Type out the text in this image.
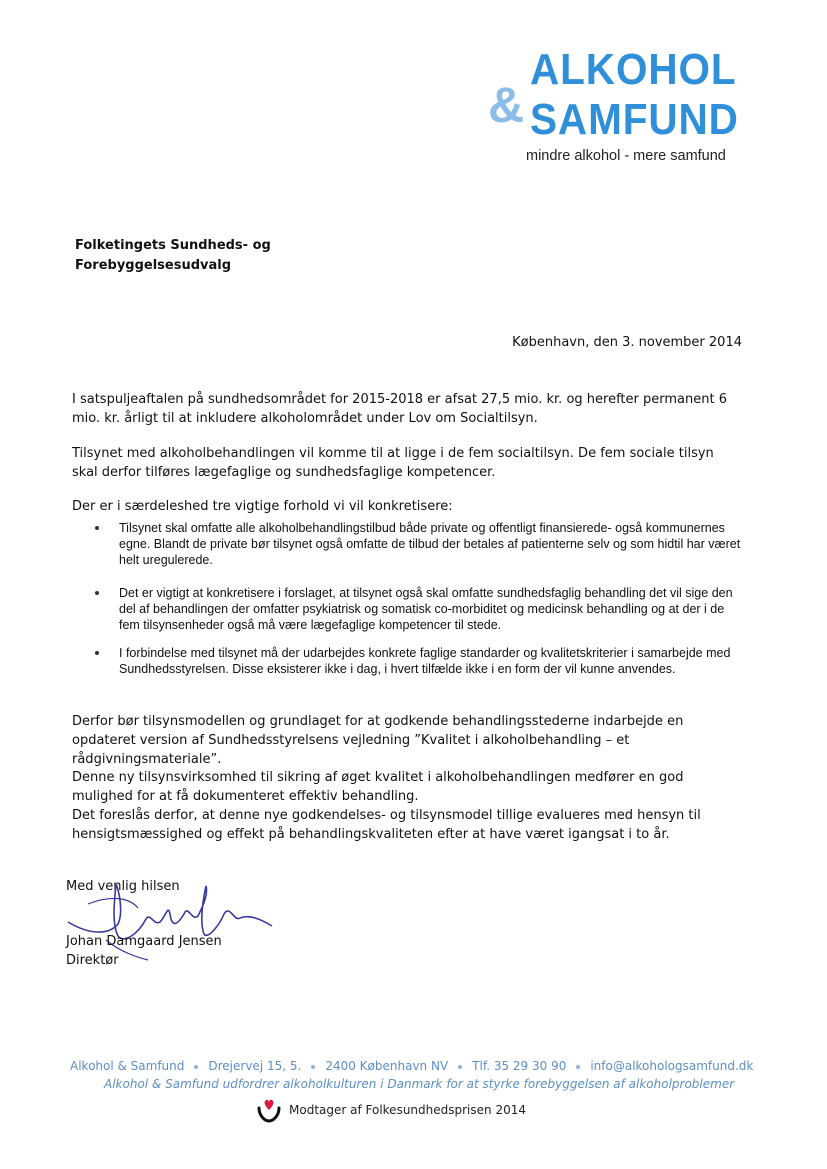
ALKOHOL
& SAMFUND
mindre alkohol - mere samfund
Folketingets Sundheds- og
Forebyggelsesudvalg
København, den 3. november 2014
I satspuljeaftalen på sundhedsområdet for 2015-2018 er afsat 27,5 mio. kr. og herefter permanent 6 mio. kr. årligt til at inkludere alkoholområdet under Lov om Socialtilsyn.
Tilsynet med alkoholbehandlingen vil komme til at ligge i de fem socialtilsyn. De fem sociale tilsyn skal derfor tilføres lægefaglige og sundhedsfaglige kompetencer.
Der er i særdeleshed tre vigtige forhold vi vil konkretisere:
Tilsynet skal omfatte alle alkoholbehandlingstilbud både private og offentligt finansierede- også kommunernes egne. Blandt de private bør tilsynet også omfatte de tilbud der betales af patienterne selv og som hidtil har været helt uregulerede.
Det er vigtigt at konkretisere i forslaget, at tilsynet også skal omfatte sundhedsfaglig behandling det vil sige den del af behandlingen der omfatter psykiatrisk og somatisk co-morbiditet og medicinsk behandling og at der i de fem tilsynsenheder også må være lægefaglige kompetencer til stede.
I forbindelse med tilsynet må der udarbejdes konkrete faglige standarder og kvalitetskriterier i samarbejde med Sundhedsstyrelsen. Disse eksisterer ikke i dag, i hvert tilfælde ikke i en form der vil kunne anvendes.
Derfor bør tilsynsmodellen og grundlaget for at godkende behandlingsstederne indarbejde en opdateret version af Sundhedsstyrelsens vejledning ”Kvalitet i alkoholbehandling – et rådgivningsmateriale”.
Denne ny tilsynsvirksomhed til sikring af øget kvalitet i alkoholbehandlingen medfører en god mulighed for at få dokumenteret effektiv behandling.
Det foreslås derfor, at denne nye godkendelses- og tilsynsmodel tillige evalueres med hensyn til hensigtsmæssighed og effekt på behandlingskvaliteten efter at have været igangsat i to år.
Med venlig hilsen
Johan Damgaard Jensen
Direktør
Alkohol & Samfund Drejervej 15, 5. 2400 København NV Tlf. 35 29 30 90 info@alkohologsamfund.dk
Alkohol & Samfund udfordrer alkoholkulturen i Danmark for at styrke forebyggelsen af alkoholproblemer
Modtager af Folkesundhedsprisen 2014
